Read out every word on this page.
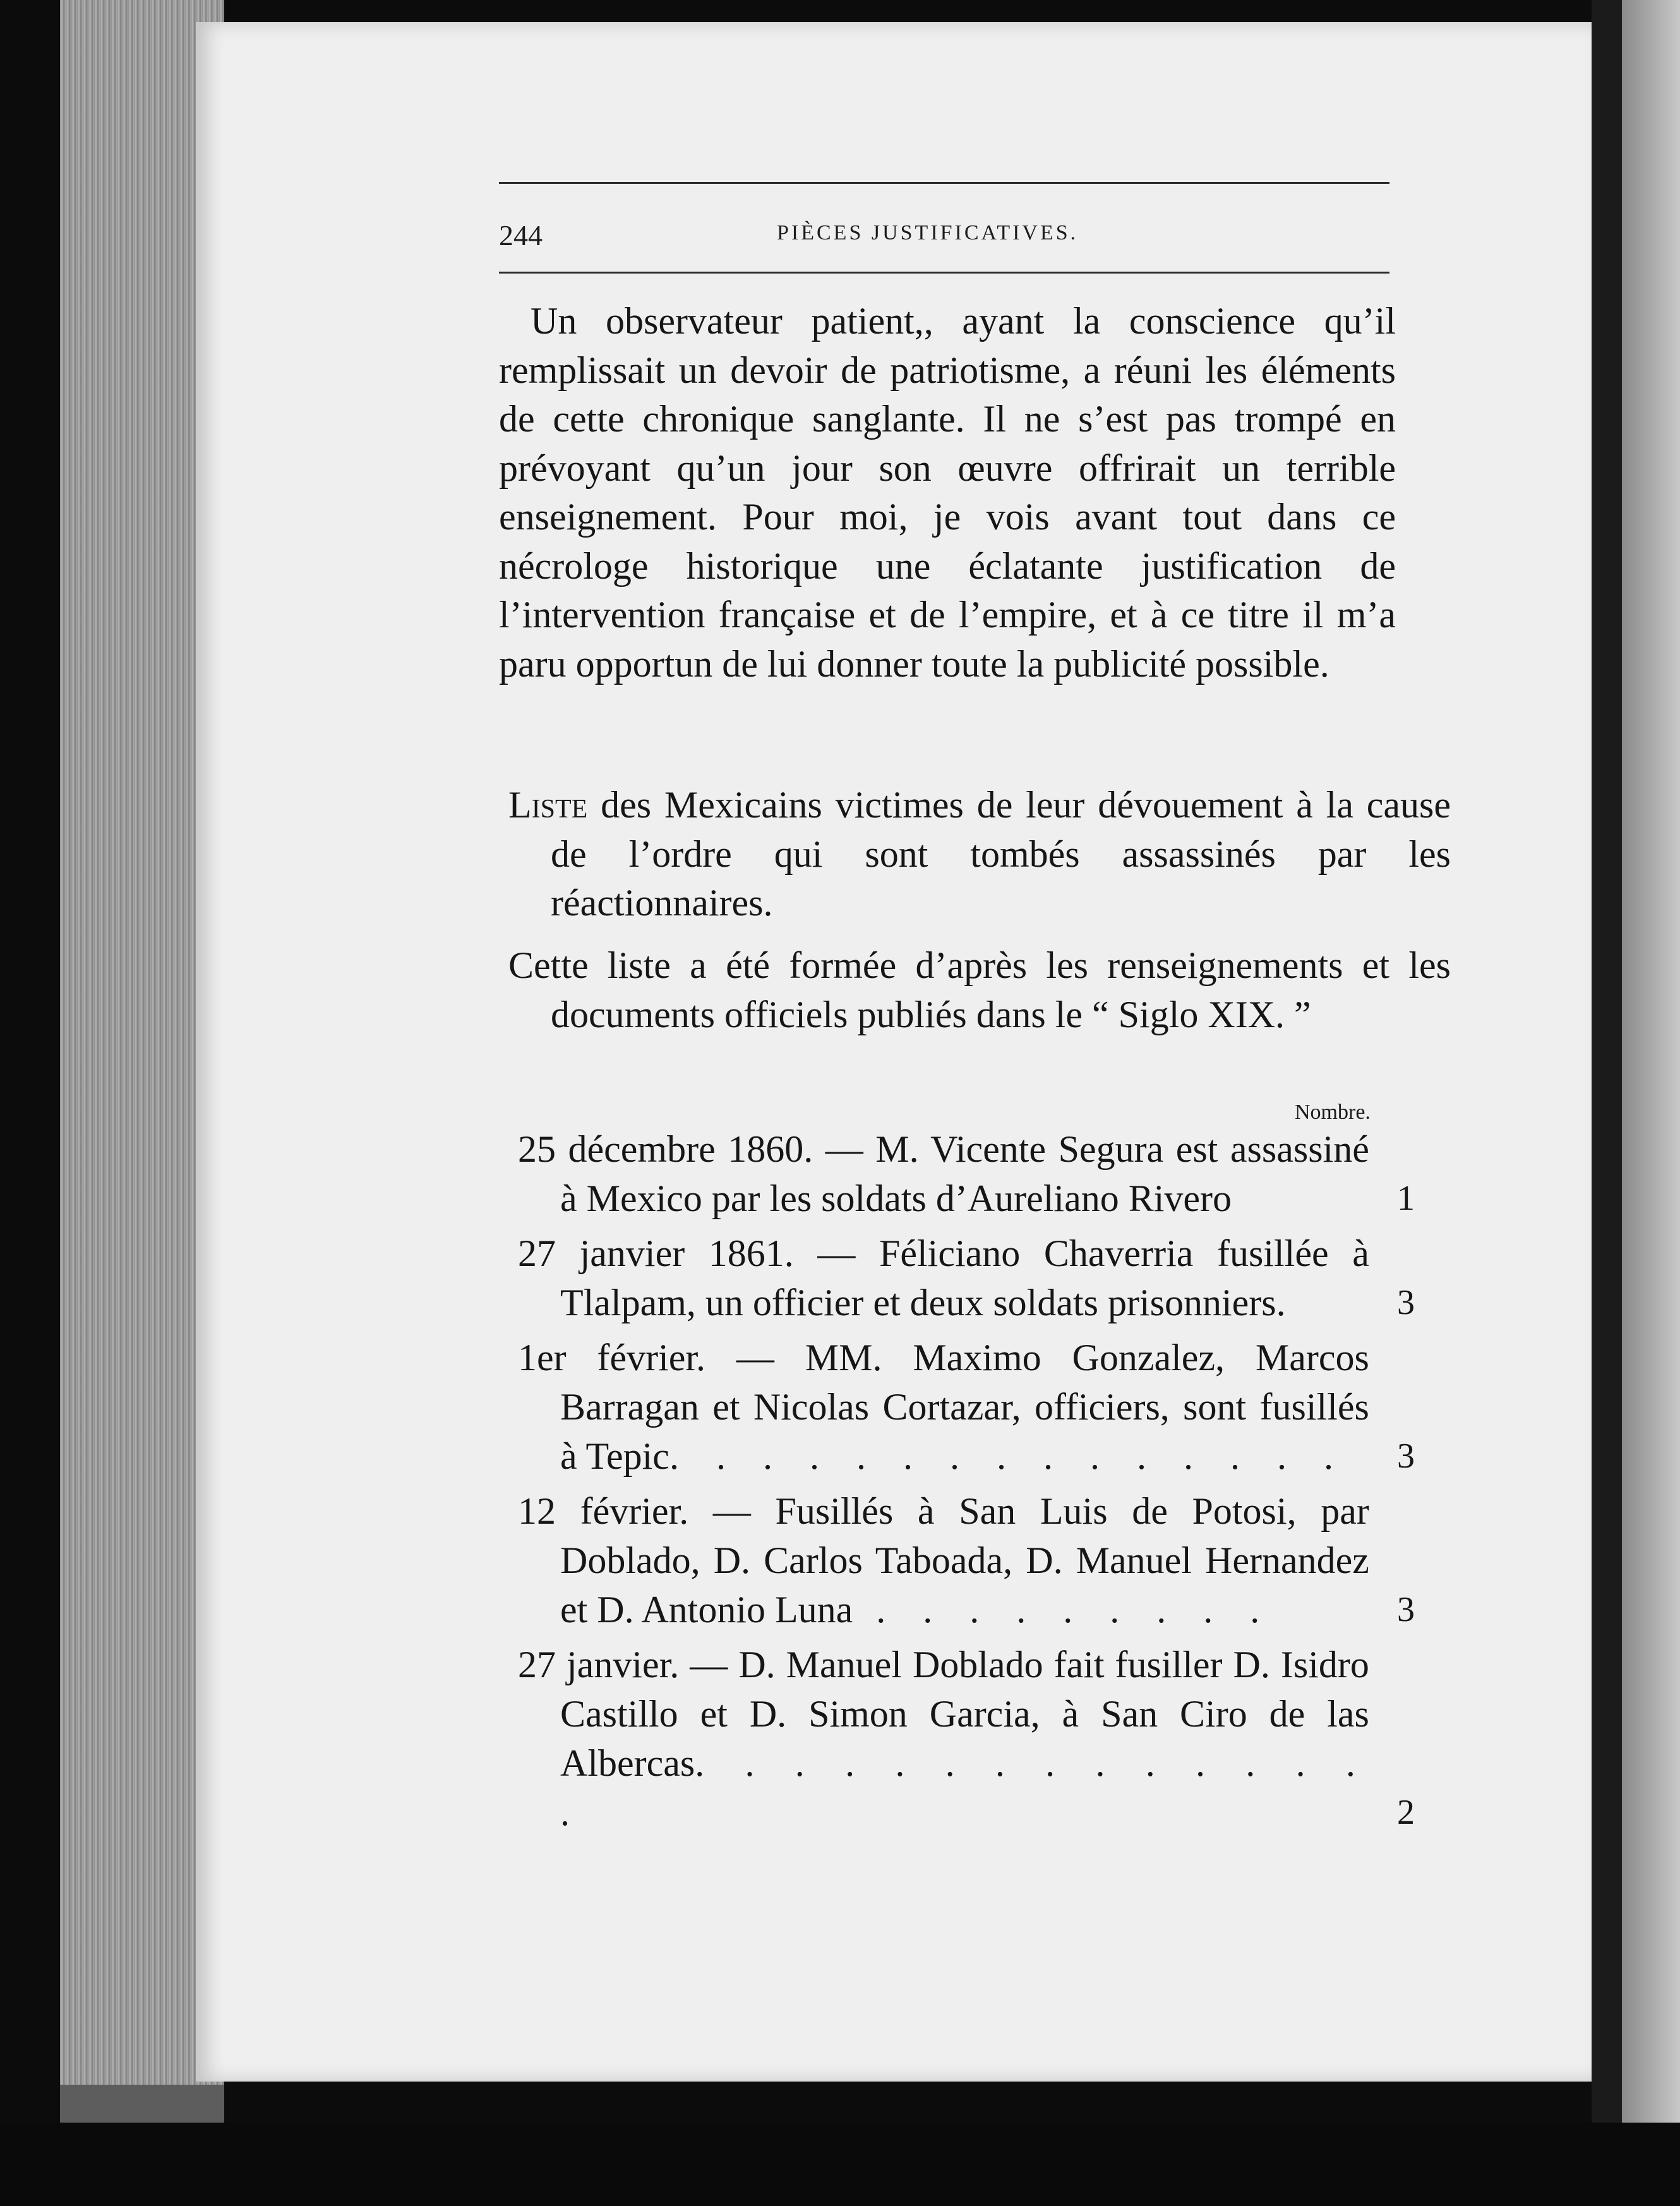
244	PIÈCES JUSTIFICATIVES.
Un observateur patient,, ayant la conscience qu’il remplissait un devoir de patriotisme, a réuni les éléments de cette chronique sanglante. Il ne s’est pas trompé en prévoyant qu’un jour son œuvre offrirait un terrible enseignement. Pour moi, je vois avant tout dans ce nécrologe historique une éclatante justification de l’intervention française et de l’empire, et à ce titre il m’a paru opportun de lui donner toute la publicité possible.
Liste des Mexicains victimes de leur dévouement à la cause de l’ordre qui sont tombés assassinés par les réactionnaires.
Cette liste a été formée d’après les renseignements et les documents officiels publiés dans le “ Siglo XIX. ”
Nombre.
25 décembre 1860. — M. Vicente Segura est assassiné à Mexico par les soldats d’Aureliano Rivero	1
27 janvier 1861. — Féliciano Chaverria fusillée à Tlalpam, un officier et deux soldats prisonniers.	3
1er février. — MM. Maximo Gonzalez, Marcos Barragan et Nicolas Cortazar, officiers, sont fusillés à Tepic. . . . . . . . . . . . . . .	3
12 février. — Fusillés à San Luis de Potosi, par Doblado, D. Carlos Taboada, D. Manuel Hernandez et D. Antonio Luna . . . . . . . . .	3
27 janvier. — D. Manuel Doblado fait fusiller D. Isidro Castillo et D. Simon Garcia, à San Ciro de las Albercas. . . . . . . . . . . . . . .	2
